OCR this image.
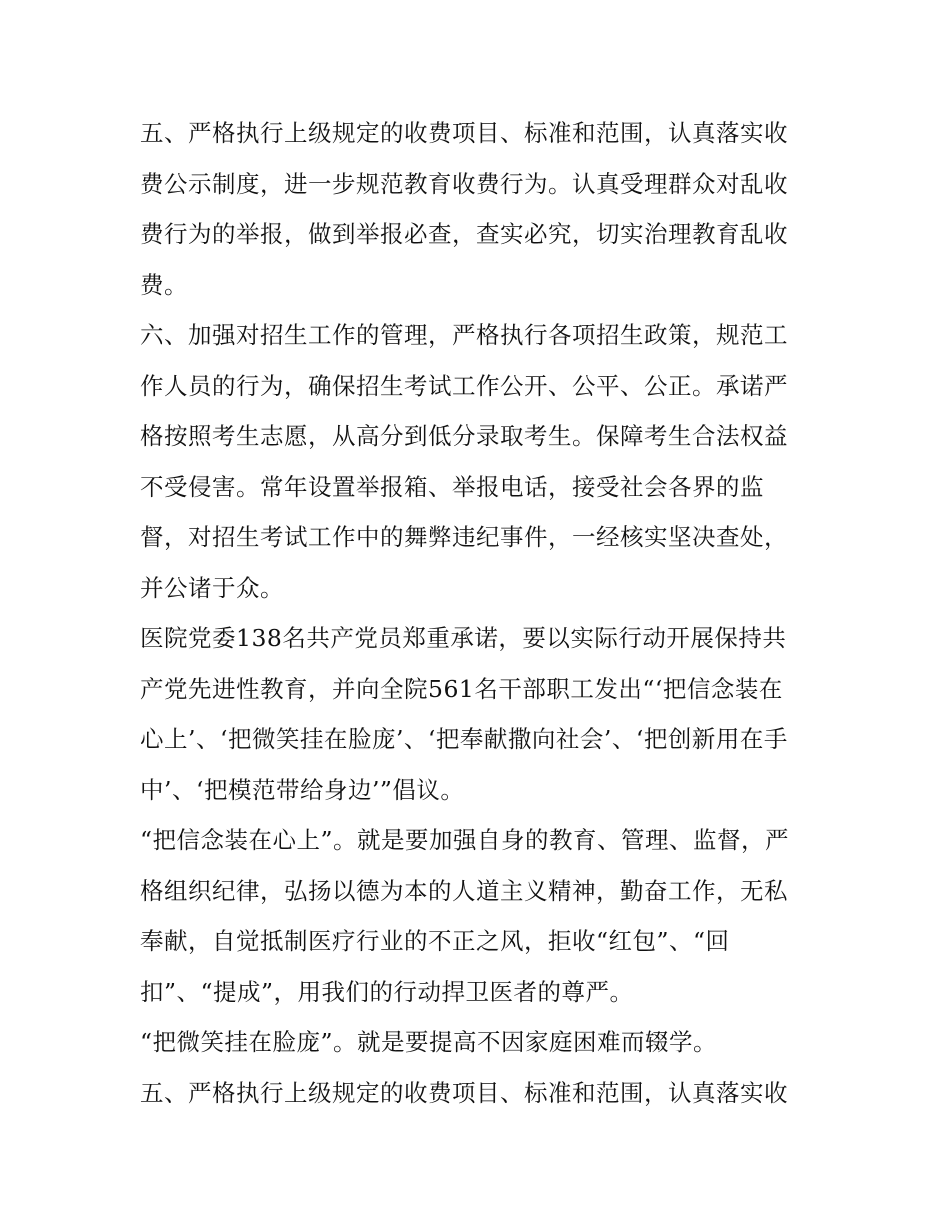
五、严格执行上级规定的收费项目、标准和范围，认真落实收
费公示制度，进一步规范教育收费行为。认真受理群众对乱收
费行为的举报，做到举报必查，查实必究，切实治理教育乱收
费。
六、加强对招生工作的管理，严格执行各项招生政策，规范工
作人员的行为，确保招生考试工作公开、公平、公正。承诺严
格按照考生志愿，从高分到低分录取考生。保障考生合法权益
不受侵害。常年设置举报箱、举报电话，接受社会各界的监
督，对招生考试工作中的舞弊违纪事件，一经核实坚决查处，
并公诸于众。
医院党委138名共产党员郑重承诺，要以实际行动开展保持共
产党先进性教育，并向全院561名干部职工发出“‘把信念装在
心上’、‘把微笑挂在脸庞’、‘把奉献撒向社会’、‘把创新用在手
中’、‘把模范带给身边’”倡议。
“把信念装在心上”。就是要加强自身的教育、管理、监督，严
格组织纪律，弘扬以德为本的人道主义精神，勤奋工作，无私
奉献，自觉抵制医疗行业的不正之风，拒收“红包”、“回
扣”、“提成”，用我们的行动捍卫医者的尊严。
“把微笑挂在脸庞”。就是要提高不因家庭困难而辍学。
五、严格执行上级规定的收费项目、标准和范围，认真落实收
